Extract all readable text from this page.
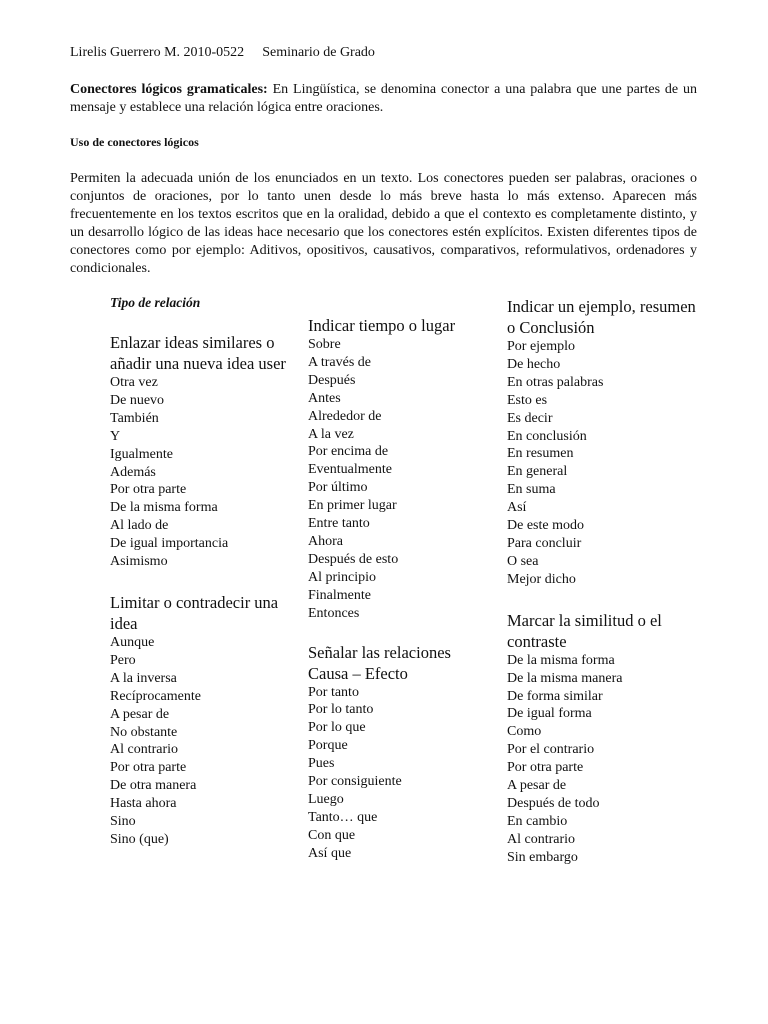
Lirelis Guerrero M. 2010-0522 Seminario de Grado

Conectores lógicos gramaticales: En Lingüística, se denomina conector a una palabra que une partes de un mensaje y establece una relación lógica entre oraciones.

Uso de conectores lógicos

Permiten la adecuada unión de los enunciados en un texto. Los conectores pueden ser palabras, oraciones o conjuntos de oraciones, por lo tanto unen desde lo más breve hasta lo más extenso. Aparecen más frecuentemente en los textos escritos que en la oralidad, debido a que el contexto es completamente distinto, y un desarrollo lógico de las ideas hace necesario que los conectores estén explícitos. Existen diferentes tipos de conectores como por ejemplo: Aditivos, opositivos, causativos, comparativos, reformulativos, ordenadores y condicionales.

Tipo de relación
Enlazar ideas similares o añadir una nueva idea user
Otra vez
De nuevo
También
Y
Igualmente
Además
Por otra parte
De la misma forma
Al lado de
De igual importancia
Asimismo
Limitar o contradecir una idea
Aunque
Pero
A la inversa
Recíprocamente
A pesar de
No obstante
Al contrario
Por otra parte
De otra manera
Hasta ahora
Sino
Sino (que)
Indicar tiempo o lugar
Sobre
A través de
Después
Antes
Alrededor de
A la vez
Por encima de
Eventualmente
Por último
En primer lugar
Entre tanto
Ahora
Después de esto
Al principio
Finalmente
Entonces
Señalar las relaciones Causa – Efecto
Por tanto
Por lo tanto
Por lo que
Porque
Pues
Por consiguiente
Luego
Tanto… que
Con que
Así que
Indicar un ejemplo, resumen o Conclusión
Por ejemplo
De hecho
En otras palabras
Esto es
Es decir
En conclusión
En resumen
En general
En suma
Así
De este modo
Para concluir
O sea
Mejor dicho
Marcar la similitud o el contraste
De la misma forma
De la misma manera
De forma similar
De igual forma
Como
Por el contrario
Por otra parte
A pesar de
Después de todo
En cambio
Al contrario
Sin embargo
